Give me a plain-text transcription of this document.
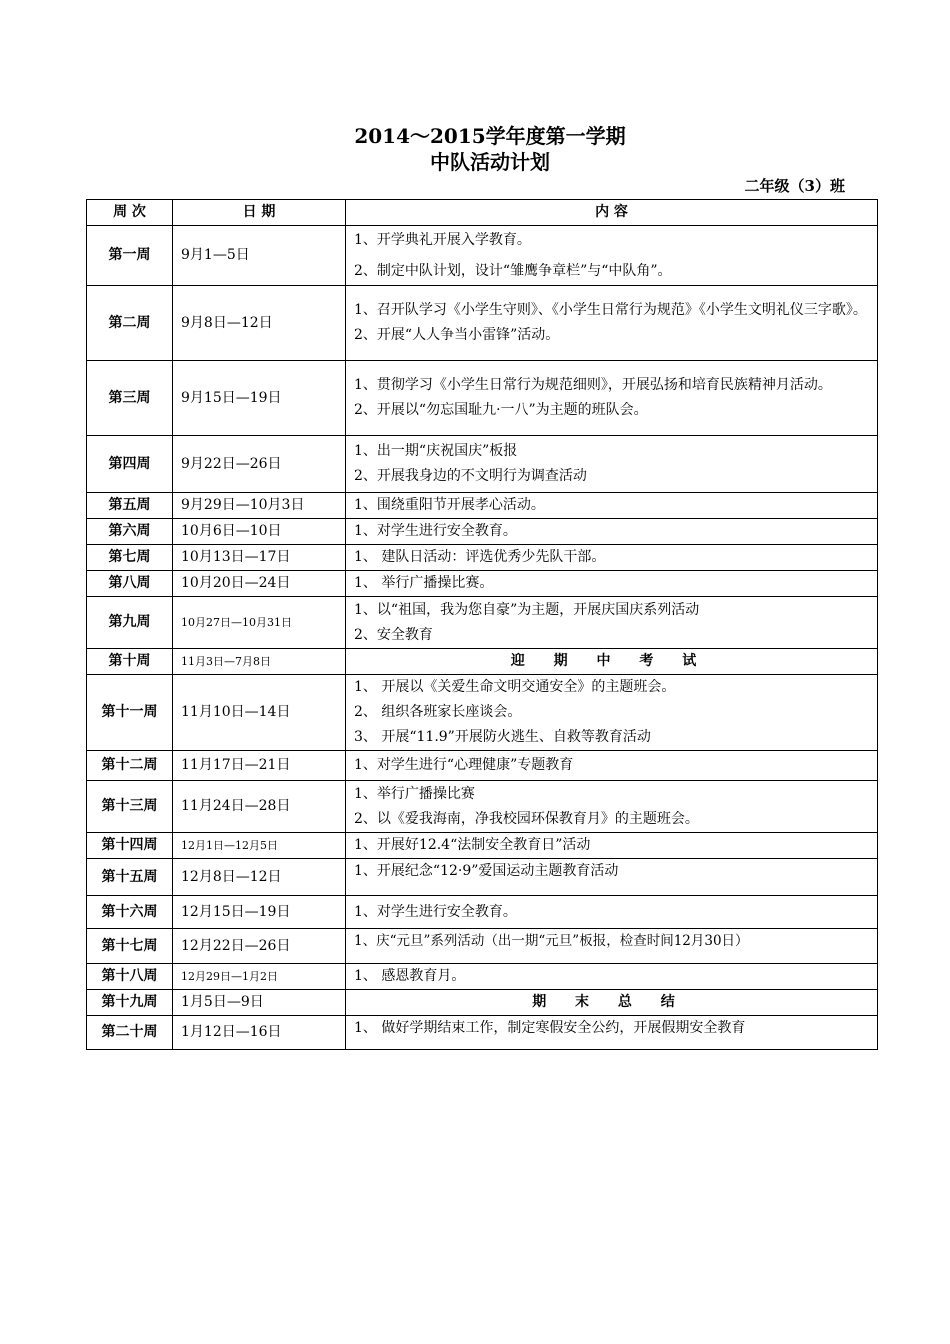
2014～2015学年度第一学期
中队活动计划
二年级（3）班
周 次	日 期	内 容
第一周	9月1—5日	1、开学典礼开展入学教育。
2、制定中队计划，设计“雏鹰争章栏”与“中队角”。

第二周	9月8日—12日	1、召开队学习《小学生守则》、《小学生日常行为规范》《小学生文明礼仪三字歌》。
2、开展“人人争当小雷锋”活动。

第三周	9月15日—19日	1、贯彻学习《小学生日常行为规范细则》，开展弘扬和培育民族精神月活动。
2、开展以“勿忘国耻九·一八”为主题的班队会。

第四周	9月22日—26日	1、出一期“庆祝国庆”板报
2、开展我身边的不文明行为调查活动

第五周	9月29日—10月3日	1、围绕重阳节开展孝心活动。
第六周	10月6日—10日	1、对学生进行安全教育。
第七周	10月13日—17日	1、 建队日活动：评选优秀少先队干部。
第八周	10月20日—24日	1、 举行广播操比赛。
第九周	10月27日—10月31日	1、以“祖国，我为您自豪”为主题，开展庆国庆系列活动
2、安全教育

第十周	11月3日—7月8日	迎 期 中 考 试
第十一周	11月10日—14日	1、 开展以《关爱生命文明交通安全》的主题班会。
2、 组织各班家长座谈会。
3、 开展“11.9”开展防火逃生、自救等教育活动

第十二周	11月17日—21日	1、对学生进行“心理健康”专题教育
第十三周	11月24日—28日	1、举行广播操比赛
2、以《爱我海南，净我校园环保教育月》的主题班会。

第十四周	12月1日—12月5日	1、开展好12.4“法制安全教育日”活动
第十五周	12月8日—12日	1、开展纪念“12·9”爱国运动主题教育活动
第十六周	12月15日—19日	1、对学生进行安全教育。
第十七周	12月22日—26日	1、庆“元旦”系列活动（出一期“元旦”板报，检查时间12月30日）
第十八周	12月29日—1月2日	1、 感恩教育月。
第十九周	1月5日—9日	期 末 总 结
第二十周	1月12日—16日	1、 做好学期结束工作，制定寒假安全公约，开展假期安全教育
